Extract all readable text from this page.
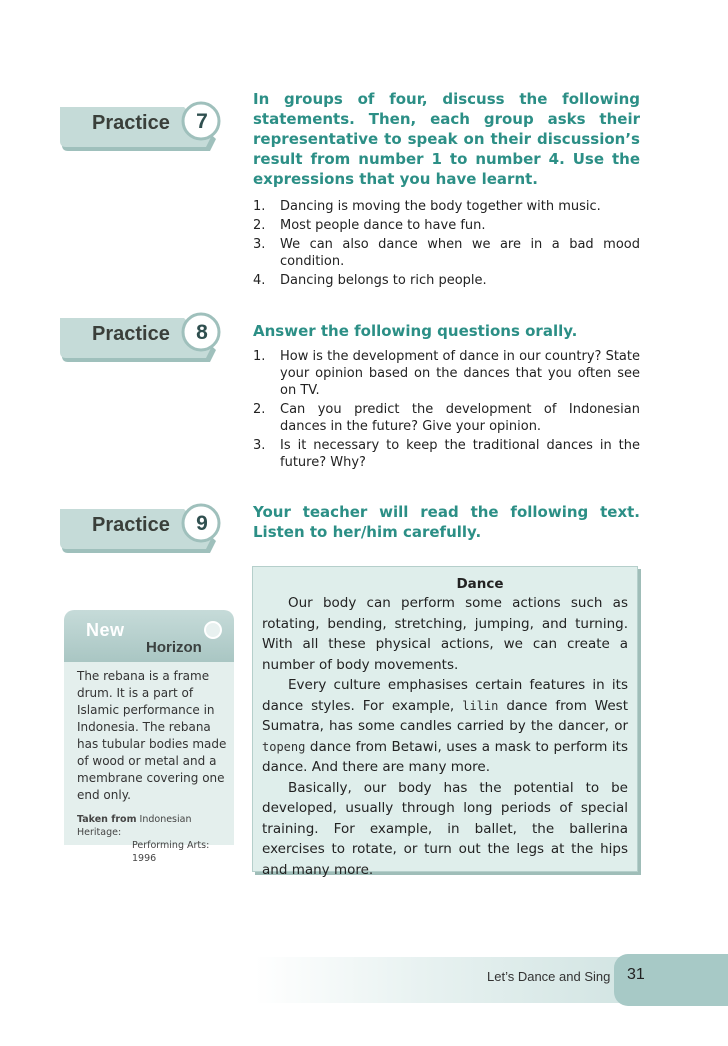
Practice	7
In groups of four, discuss the following statements. Then, each group asks their representative to speak on their discussion’s result from number 1 to number 4. Use the expressions that you have learnt.
1. Dancing is moving the body together with music.
2. Most people dance to have fun.
3. We can also dance when we are in a bad mood condition.
4. Dancing belongs to rich people.
Practice	8	Answer the following questions orally.
1. How is the development of dance in our country? State your opinion based on the dances that you often see on TV.
2. Can you predict the development of Indonesian dances in the future? Give your opinion.
3. Is it necessary to keep the traditional dances in the future? Why?
Practice	9	Your teacher will read the following text. Listen to her/him carefully.
Dance

Our body can perform some actions such as rotating, bending, stretching, jumping, and turning. With all these physical actions, we can create a number of body movements.

Every culture emphasises certain features in its dance styles. For example, lilin dance from West Sumatra, has some candles carried by the dancer, or topeng dance from Betawi, uses a mask to perform its dance. And there are many more.

Basically, our body has the potential to be developed, usually through long periods of special training. For example, in ballet, the ballerina exercises to rotate, or turn out the legs at the hips and many more.

New
Horizon
The rebana is a frame drum. It is a part of Islamic performance in Indonesia. The rebana has tubular bodies made of wood or metal and a membrane covering one end only.
Taken from Indonesian Heritage:
Performing Arts: 1996
Let’s Dance and Sing 31
